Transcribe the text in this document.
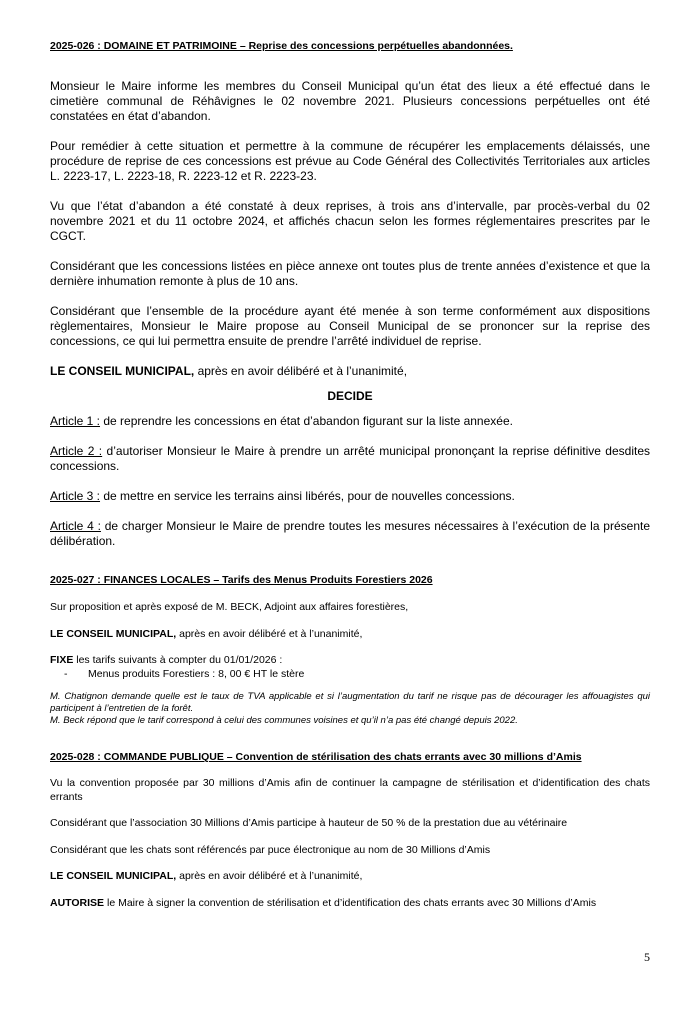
2025-026 : DOMAINE ET PATRIMOINE – Reprise des concessions perpétuelles abandonnées.

Monsieur le Maire informe les membres du Conseil Municipal qu’un état des lieux a été effectué dans le cimetière communal de Réhâvignes le 02 novembre 2021. Plusieurs concessions perpétuelles ont été constatées en état d’abandon.

Pour remédier à cette situation et permettre à la commune de récupérer les emplacements délaissés, une procédure de reprise de ces concessions est prévue au Code Général des Collectivités Territoriales aux articles L. 2223-17, L. 2223-18, R. 2223-12 et R. 2223-23.

Vu que l’état d’abandon a été constaté à deux reprises, à trois ans d’intervalle, par procès-verbal du 02 novembre 2021 et du 11 octobre 2024, et affichés chacun selon les formes réglementaires prescrites par le CGCT.

Considérant que les concessions listées en pièce annexe ont toutes plus de trente années d’existence et que la dernière inhumation remonte à plus de 10 ans.

Considérant que l’ensemble de la procédure ayant été menée à son terme conformément aux dispositions règlementaires, Monsieur le Maire propose au Conseil Municipal de se prononcer sur la reprise des concessions, ce qui lui permettra ensuite de prendre l’arrêté individuel de reprise.

LE CONSEIL MUNICIPAL, après en avoir délibéré et à l’unanimité,

DECIDE

Article 1 : de reprendre les concessions en état d’abandon figurant sur la liste annexée.

Article 2 : d’autoriser Monsieur le Maire à prendre un arrêté municipal prononçant la reprise définitive desdites concessions.

Article 3 : de mettre en service les terrains ainsi libérés, pour de nouvelles concessions.

Article 4 : de charger Monsieur le Maire de prendre toutes les mesures nécessaires à l’exécution de la présente délibération.

2025-027 : FINANCES LOCALES – Tarifs des Menus Produits Forestiers 2026

Sur proposition et après exposé de M. BECK, Adjoint aux affaires forestières,

LE CONSEIL MUNICIPAL, après en avoir délibéré et à l’unanimité,

FIXE les tarifs suivants à compter du 01/01/2026 :

- Menus produits Forestiers : 8, 00 € HT le stère

M. Chatignon demande quelle est le taux de TVA applicable et si l’augmentation du tarif ne risque pas de décourager les affouagistes qui participent à l’entretien de la forêt.

M. Beck répond que le tarif correspond à celui des communes voisines et qu’il n’a pas été changé depuis 2022.

2025-028 : COMMANDE PUBLIQUE – Convention de stérilisation des chats errants avec 30 millions d’Amis

Vu la convention proposée par 30 millions d’Amis afin de continuer la campagne de stérilisation et d’identification des chats errants

Considérant que l’association 30 Millions d’Amis participe à hauteur de 50 % de la prestation due au vétérinaire

Considérant que les chats sont référencés par puce électronique au nom de 30 Millions d’Amis

LE CONSEIL MUNICIPAL, après en avoir délibéré et à l’unanimité,

AUTORISE le Maire à signer la convention de stérilisation et d’identification des chats errants avec 30 Millions d’Amis

5
